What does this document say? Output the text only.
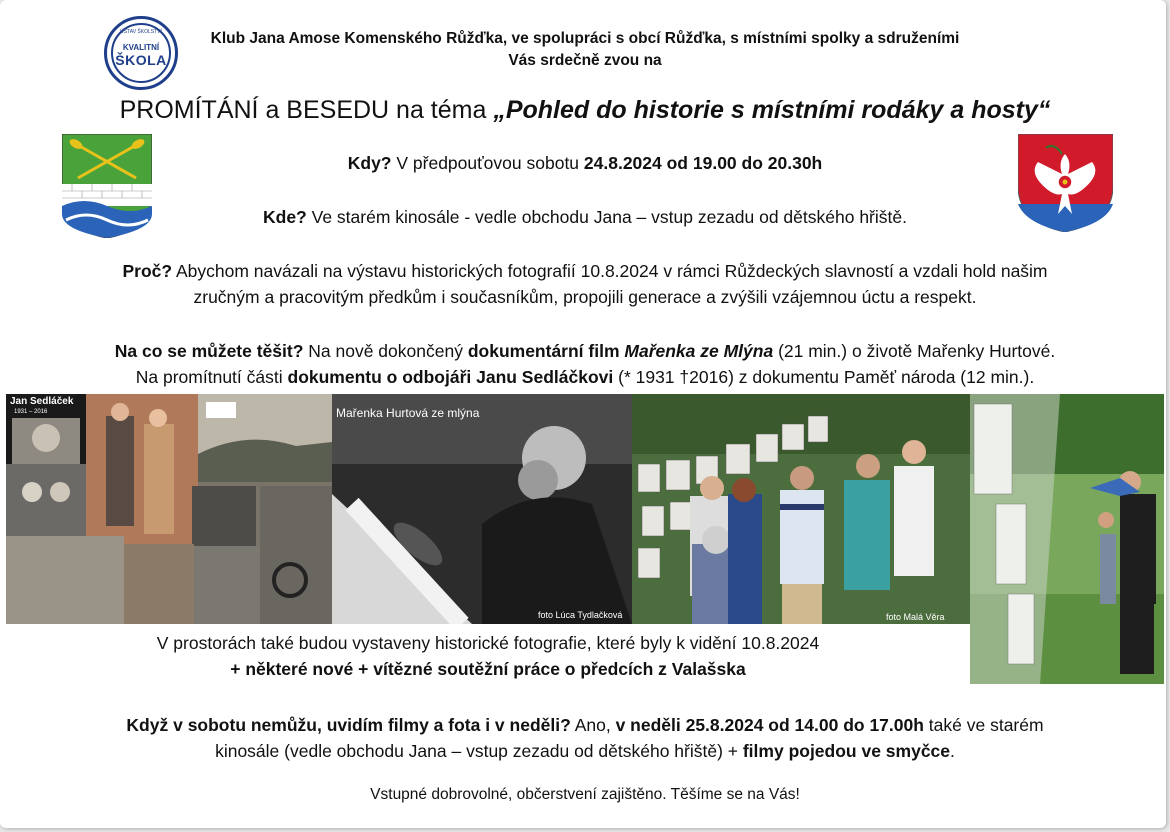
ÚSTAV ŠKOLSTVÍ
KVALITNÍ
ŠKOLA
Klub Jana Amose Komenského Růžďka, ve spolupráci s obcí Růžďka, s místními spolky a sdruženími
Vás srdečně zvou na
PROMÍTÁNÍ a BESEDU na téma „Pohled do historie s místními rodáky a hosty“
Kdy? V předpouťovou sobotu 24.8.2024 od 19.00 do 20.30h
Kde? Ve starém kinosále - vedle obchodu Jana – vstup zezadu od dětského hřiště.
Proč? Abychom navázali na výstavu historických fotografií 10.8.2024 v rámci Růždeckých slavností a vzdali hold našim
zručným a pracovitým předkům i současníkům, propojili generace a zvýšili vzájemnou úctu a respekt.
Na co se můžete těšit? Na nově dokončený dokumentární film Mařenka ze Mlýna (21 min.) o životě Mařenky Hurtové.
Na promítnutí části dokumentu o odbojáři Janu Sedláčkovi (* 1931 †2016) z dokumentu Paměť národa (12 min.).
Jan Sedláček
1931 – 2016	Mařenka Hurtová ze mlýna
foto Lúca Tydlačková	foto Malá Věra
V prostorách také budou vystaveny historické fotografie, které byly k vidění 10.8.2024
+ některé nové + vítězné soutěžní práce o předcích z Valašska
Když v sobotu nemůžu, uvidím filmy a fota i v neděli? Ano, v neděli 25.8.2024 od 14.00 do 17.00h také ve starém
kinosále (vedle obchodu Jana – vstup zezadu od dětského hřiště) + filmy pojedou ve smyčce.
Vstupné dobrovolné, občerstvení zajištěno. Těšíme se na Vás!
